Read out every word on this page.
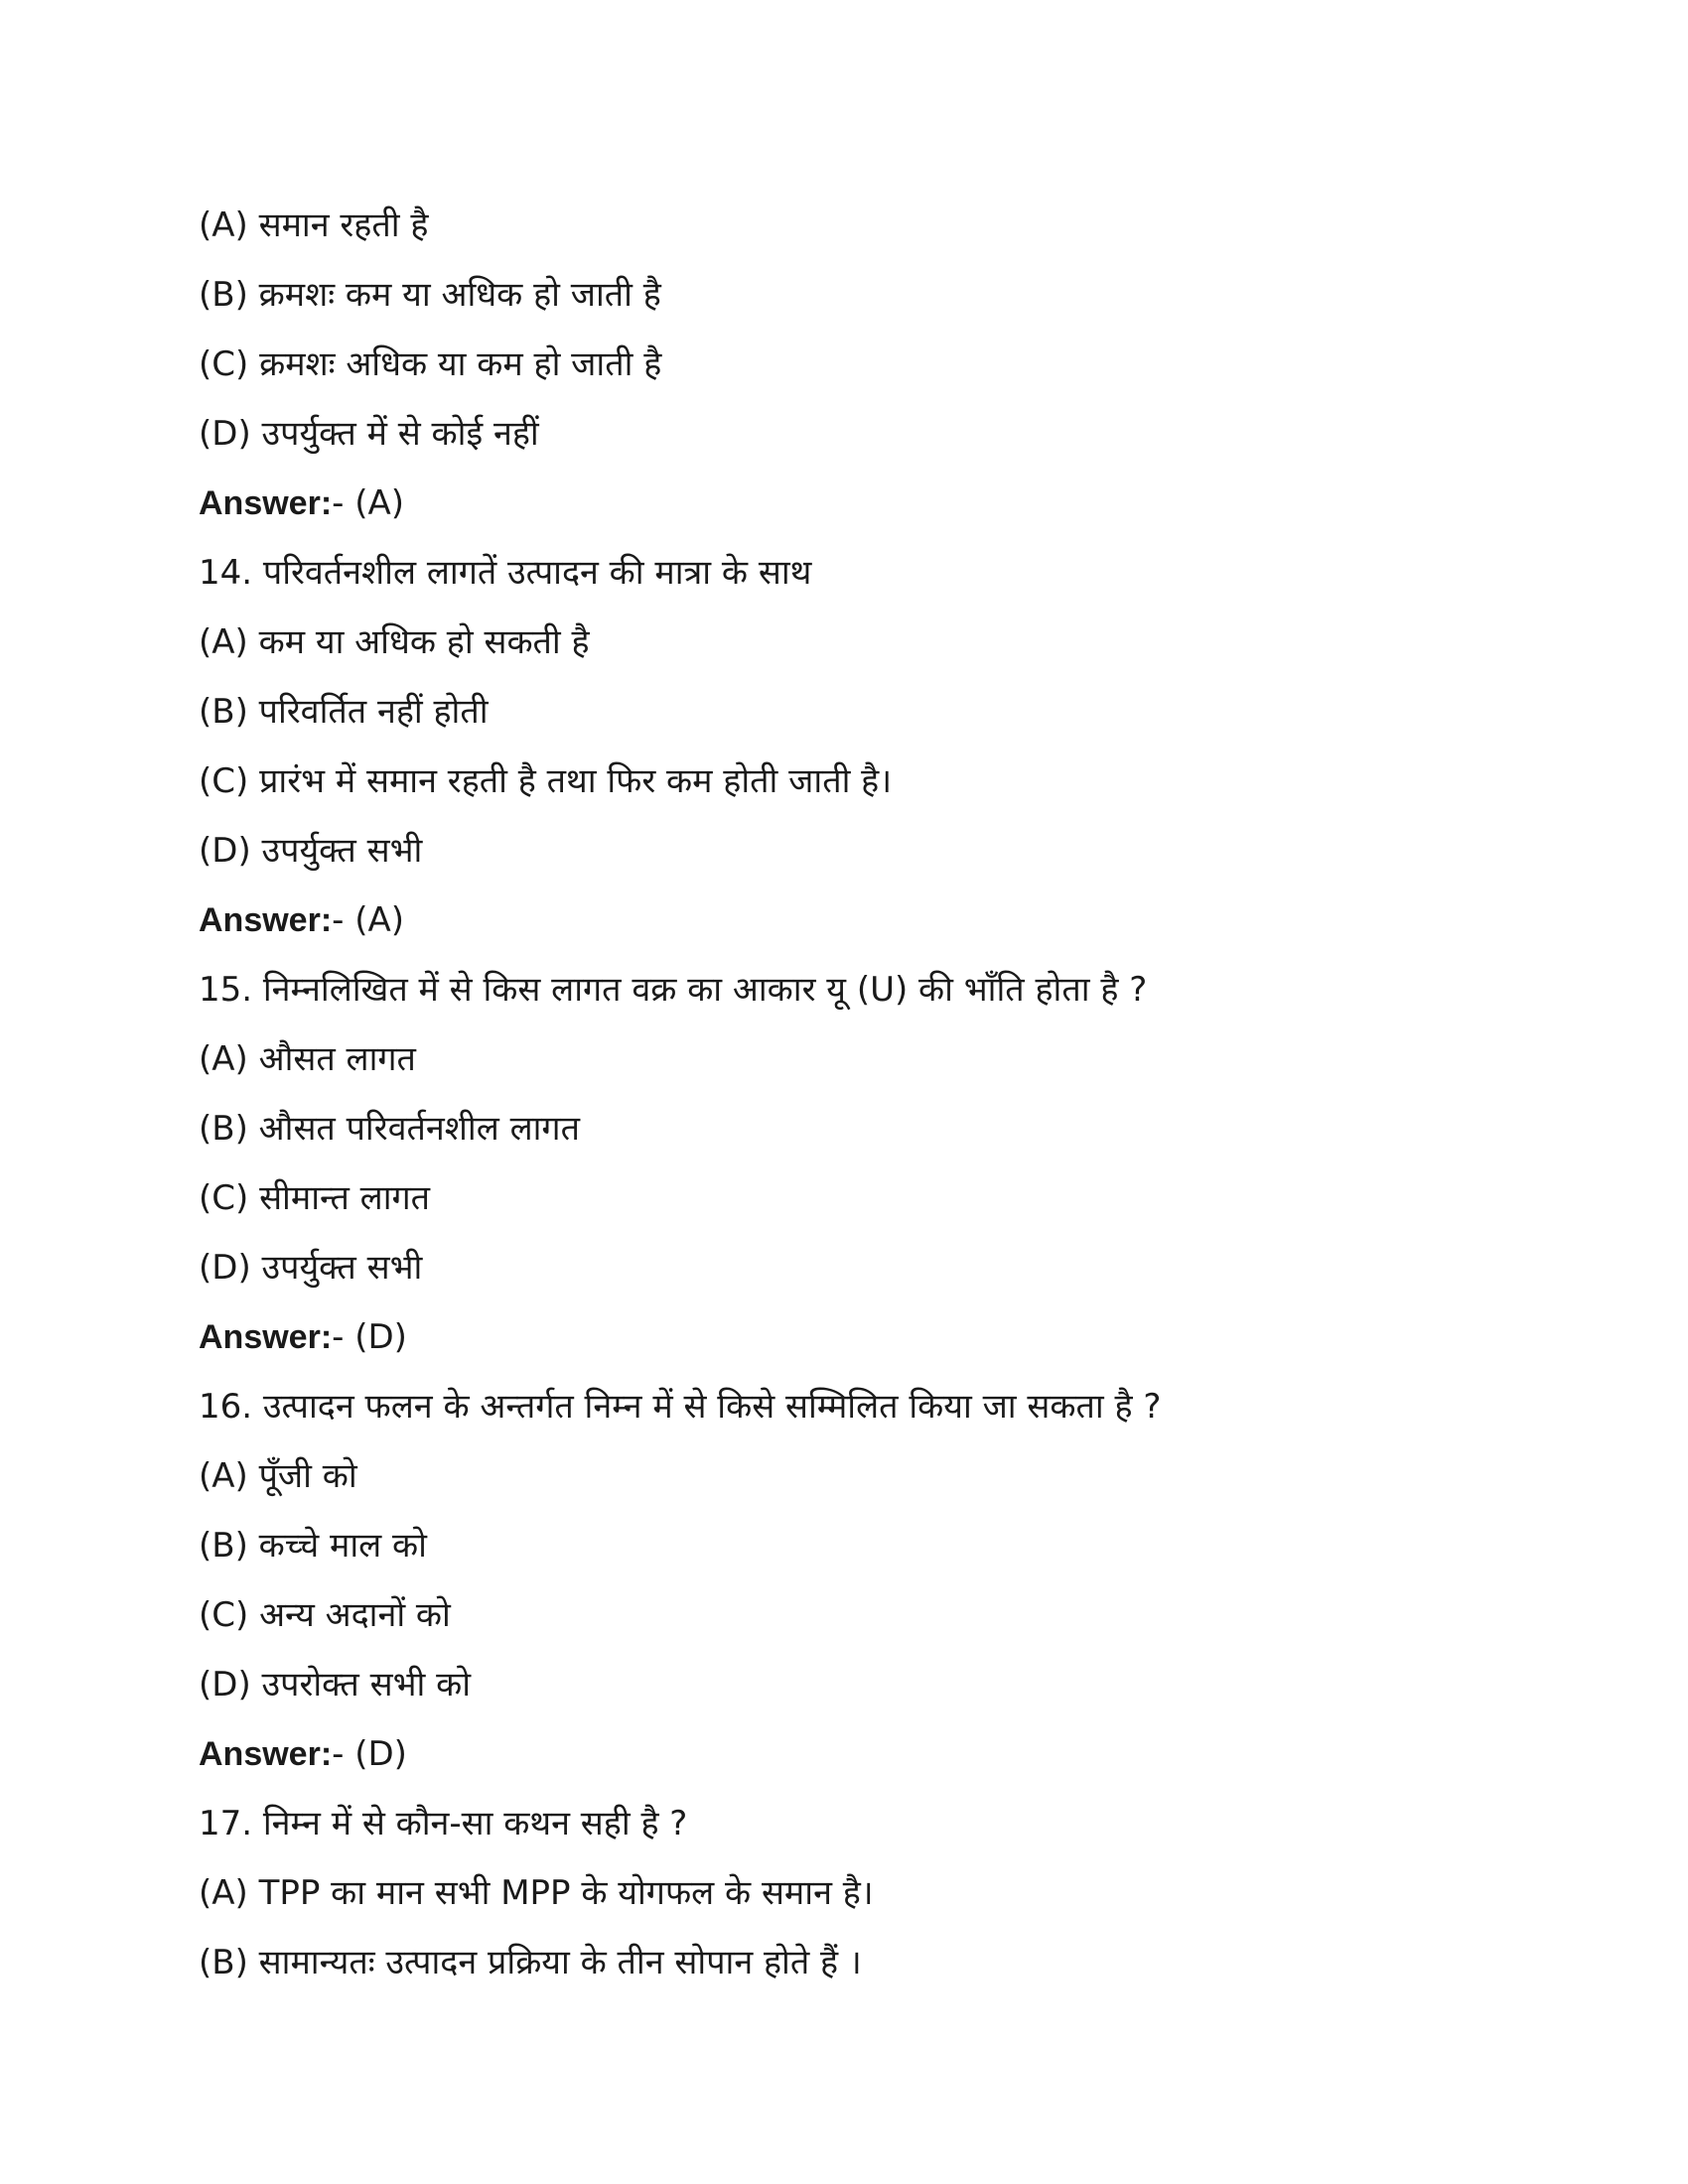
(A) समान रहती है
(B) क्रमशः कम या अधिक हो जाती है
(C) क्रमशः अधिक या कम हो जाती है
(D) उपर्युक्त में से कोई नहीं
Answer:- (A)
14. परिवर्तनशील लागतें उत्पादन की मात्रा के साथ
(A) कम या अधिक हो सकती है
(B) परिवर्तित नहीं होती
(C) प्रारंभ में समान रहती है तथा फिर कम होती जाती है।
(D) उपर्युक्त सभी
Answer:- (A)
15. निम्नलिखित में से किस लागत वक्र का आकार यू (U) की भाँति होता है ?
(A) औसत लागत
(B) औसत परिवर्तनशील लागत
(C) सीमान्त लागत
(D) उपर्युक्त सभी
Answer:- (D)
16. उत्पादन फलन के अन्तर्गत निम्न में से किसे सम्मिलित किया जा सकता है ?
(A) पूँजी को
(B) कच्चे माल को
(C) अन्य अदानों को
(D) उपरोक्त सभी को
Answer:- (D)
17. निम्न में से कौन-सा कथन सही है ?
(A) TPP का मान सभी MPP के योगफल के समान है।
(B) सामान्यतः उत्पादन प्रक्रिया के तीन सोपान होते हैं ।
